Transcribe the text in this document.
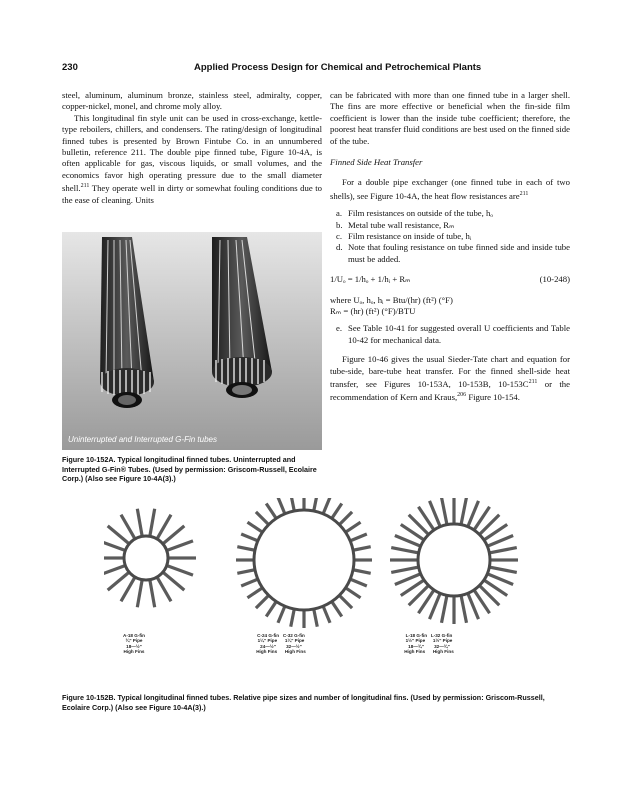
230	Applied Process Design for Chemical and Petrochemical Plants

steel, aluminum, aluminum bronze, stainless steel, admiralty, copper, copper-nickel, monel, and chrome moly alloy.

This longitudinal fin style unit can be used in cross-exchange, kettle-type reboilers, chillers, and condensers. The rating/design of longitudinal finned tubes is presented by Brown Fintube Co. in an unnumbered bulletin, reference 211. The double pipe finned tube, Figure 10-4A, is often applicable for gas, viscous liquids, or small volumes, and the economics favor high operating pressure due to the small diameter shell.$^{211}$ They operate well in dirty or somewhat fouling conditions due to the ease of cleaning. Units

Uninterrupted and Interrupted G-Fin tubes
Figure 10-152A. Typical longitudinal finned tubes. Uninterrupted and Interrupted G-Fin® Tubes. (Used by permission: Griscom-Russell, Ecolaire Corp.) (Also see Figure 10-4A(3).)

can be fabricated with more than one finned tube in a larger shell. The fins are more effective or beneficial when the fin-side film coefficient is lower than the inside tube coefficient; therefore, the poorest heat transfer fluid conditions are best used on the finned side of the tube.

Finned Side Heat Transfer

For a double pipe exchanger (one finned tube in each of two shells), see Figure 10-4A, the heat flow resistances are$^{211}$

a. Film resistances on outside of the tube, hₒ
b. Metal tube wall resistance, Rₘ
c. Film resistance on inside of tube, hᵢ
d. Note that fouling resistance on tube finned side and inside tube must be added.

1/Uₒ = 1/hₒ + 1/hᵢ + Rₘ	(10-248)

where Uₒ, hₒ, hᵢ = Btu/(hr) (ft²) (°F)

Rₘ = (hr) (ft²) (°F)/BTU

e. See Table 10-41 for suggested overall U coefficients and Table 10-42 for mechanical data.

Figure 10-46 gives the usual Sieder-Tate chart and equation for tube-side, bare-tube heat transfer. For the finned shell-side heat transfer, see Figures 10-153A, 10-153B, $10-153C^{211}$ or the recommendation of Kern and Kraus,$^{206}$ Figure 10-154.

A-18 G-fin
¾" Pipe
18—½"
High Fins
C-24 G-fin   C-32 G-fin
1¼" Pipe      1¼" Pipe
24—½"        32—½"
High Fins      High Fins
L-18 G-fin   L-32 G-fin
1½" Pipe      1½" Pipe
18—¾"        32—¾"
High Fins      High Fins
Figure 10-152B. Typical longitudinal finned tubes. Relative pipe sizes and number of longitudinal fins. (Used by permission: Griscom-Russell, Ecolaire Corp.) (Also see Figure 10-4A(3).)
